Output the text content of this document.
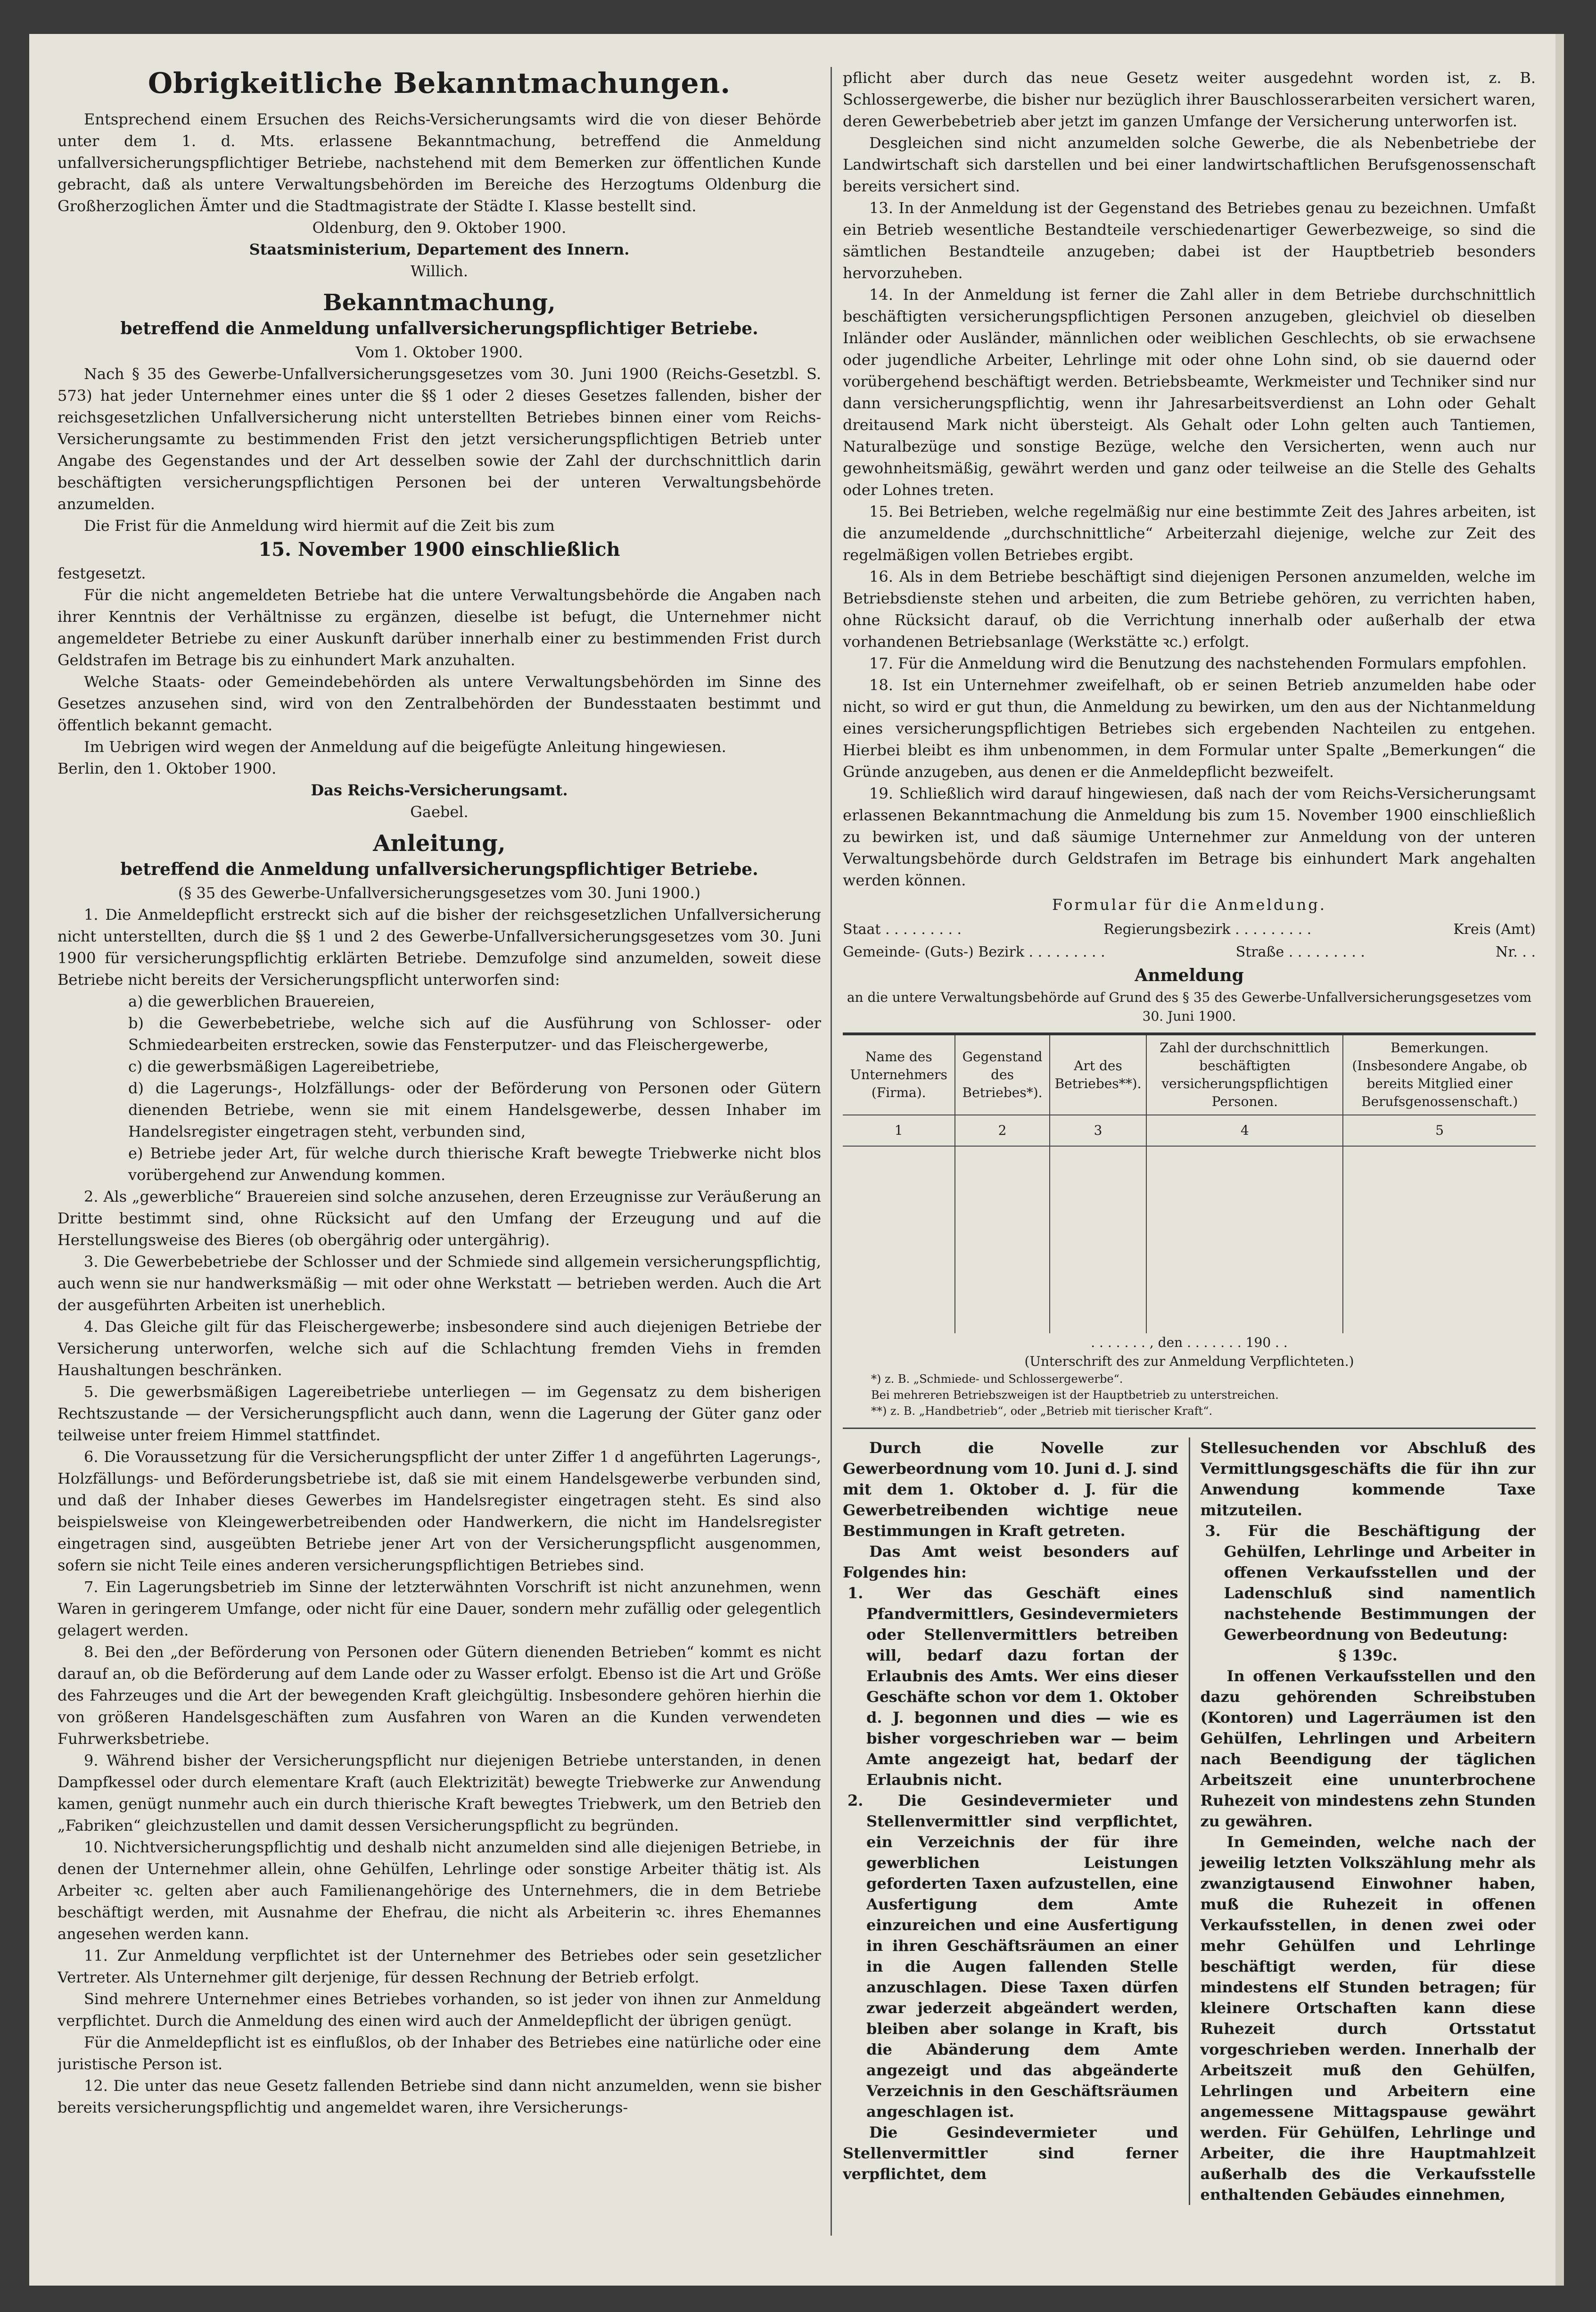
Obrigkeitliche Bekanntmachungen.

Entsprechend einem Ersuchen des Reichs-Versicherungsamts wird die von dieser Behörde unter dem 1. d. Mts. erlassene Bekanntmachung, betreffend die Anmeldung unfallversicherungspflichtiger Betriebe, nachstehend mit dem Bemerken zur öffentlichen Kunde gebracht, daß als untere Verwaltungsbehörden im Bereiche des Herzogtums Oldenburg die Großherzoglichen Ämter und die Stadtmagistrate der Städte I. Klasse bestellt sind.

Oldenburg, den 9. Oktober 1900.

Staatsministerium, Departement des Innern.

Willich.

Bekanntmachung,
betreffend die Anmeldung unfallversicherungspflichtiger Betriebe.

Vom 1. Oktober 1900.

Nach § 35 des Gewerbe-Unfallversicherungsgesetzes vom 30. Juni 1900 (Reichs-Gesetzbl. S. 573) hat jeder Unternehmer eines unter die §§ 1 oder 2 dieses Gesetzes fallenden, bisher der reichsgesetzlichen Unfallversicherung nicht unterstellten Betriebes binnen einer vom Reichs-Versicherungsamte zu bestimmenden Frist den jetzt versicherungspflichtigen Betrieb unter Angabe des Gegenstandes und der Art desselben sowie der Zahl der durchschnittlich darin beschäftigten versicherungspflichtigen Personen bei der unteren Verwaltungsbehörde anzumelden.

Die Frist für die Anmeldung wird hiermit auf die Zeit bis zum

15. November 1900 einschließlich

festgesetzt.

Für die nicht angemeldeten Betriebe hat die untere Verwaltungsbehörde die Angaben nach ihrer Kenntnis der Verhältnisse zu ergänzen, dieselbe ist befugt, die Unternehmer nicht angemeldeter Betriebe zu einer Auskunft darüber innerhalb einer zu bestimmenden Frist durch Geldstrafen im Betrage bis zu einhundert Mark anzuhalten.

Welche Staats- oder Gemeindebehörden als untere Verwaltungsbehörden im Sinne des Gesetzes anzusehen sind, wird von den Zentralbehörden der Bundesstaaten bestimmt und öffentlich bekannt gemacht.

Im Uebrigen wird wegen der Anmeldung auf die beigefügte Anleitung hingewiesen.

Berlin, den 1. Oktober 1900.

Das Reichs-Versicherungsamt.

Gaebel.

Anleitung,
betreffend die Anmeldung unfallversicherungspflichtiger Betriebe.

(§ 35 des Gewerbe-Unfallversicherungsgesetzes vom 30. Juni 1900.)

1. Die Anmeldepflicht erstreckt sich auf die bisher der reichsgesetzlichen Unfallversicherung nicht unterstellten, durch die §§ 1 und 2 des Gewerbe-Unfallversicherungsgesetzes vom 30. Juni 1900 für versicherungspflichtig erklärten Betriebe. Demzufolge sind anzumelden, soweit diese Betriebe nicht bereits der Versicherungspflicht unterworfen sind:

a) die gewerblichen Brauereien,
b) die Gewerbebetriebe, welche sich auf die Ausführung von Schlosser- oder Schmiedearbeiten erstrecken, sowie das Fensterputzer- und das Fleischergewerbe,
c) die gewerbsmäßigen Lagereibetriebe,
d) die Lagerungs-, Holzfällungs- oder der Beförderung von Personen oder Gütern dienenden Betriebe, wenn sie mit einem Handelsgewerbe, dessen Inhaber im Handelsregister eingetragen steht, verbunden sind,
e) Betriebe jeder Art, für welche durch thierische Kraft bewegte Triebwerke nicht blos vorübergehend zur Anwendung kommen.

2. Als „gewerbliche“ Brauereien sind solche anzusehen, deren Erzeugnisse zur Veräußerung an Dritte bestimmt sind, ohne Rücksicht auf den Umfang der Erzeugung und auf die Herstellungsweise des Bieres (ob obergährig oder untergährig).

3. Die Gewerbebetriebe der Schlosser und der Schmiede sind allgemein versicherungspflichtig, auch wenn sie nur handwerksmäßig — mit oder ohne Werkstatt — betrieben werden. Auch die Art der ausgeführten Arbeiten ist unerheblich.

4. Das Gleiche gilt für das Fleischergewerbe; insbesondere sind auch diejenigen Betriebe der Versicherung unterworfen, welche sich auf die Schlachtung fremden Viehs in fremden Haushaltungen beschränken.

5. Die gewerbsmäßigen Lagereibetriebe unterliegen — im Gegensatz zu dem bisherigen Rechtszustande — der Versicherungspflicht auch dann, wenn die Lagerung der Güter ganz oder teilweise unter freiem Himmel stattfindet.

6. Die Voraussetzung für die Versicherungspflicht der unter Ziffer 1 d angeführten Lagerungs-, Holzfällungs- und Beförderungsbetriebe ist, daß sie mit einem Handelsgewerbe verbunden sind, und daß der Inhaber dieses Gewerbes im Handelsregister eingetragen steht. Es sind also beispielsweise von Kleingewerbetreibenden oder Handwerkern, die nicht im Handelsregister eingetragen sind, ausgeübten Betriebe jener Art von der Versicherungspflicht ausgenommen, sofern sie nicht Teile eines anderen versicherungspflichtigen Betriebes sind.

7. Ein Lagerungsbetrieb im Sinne der letzterwähnten Vorschrift ist nicht anzunehmen, wenn Waren in geringerem Umfange, oder nicht für eine Dauer, sondern mehr zufällig oder gelegentlich gelagert werden.

8. Bei den „der Beförderung von Personen oder Gütern dienenden Betrieben“ kommt es nicht darauf an, ob die Beförderung auf dem Lande oder zu Wasser erfolgt. Ebenso ist die Art und Größe des Fahrzeuges und die Art der bewegenden Kraft gleichgültig. Insbesondere gehören hierhin die von größeren Handelsgeschäften zum Ausfahren von Waren an die Kunden verwendeten Fuhrwerksbetriebe.

9. Während bisher der Versicherungspflicht nur diejenigen Betriebe unterstanden, in denen Dampfkessel oder durch elementare Kraft (auch Elektrizität) bewegte Triebwerke zur Anwendung kamen, genügt nunmehr auch ein durch thierische Kraft bewegtes Triebwerk, um den Betrieb den „Fabriken“ gleichzustellen und damit dessen Versicherungspflicht zu begründen.

10. Nichtversicherungspflichtig und deshalb nicht anzumelden sind alle diejenigen Betriebe, in denen der Unternehmer allein, ohne Gehülfen, Lehrlinge oder sonstige Arbeiter thätig ist. Als Arbeiter ꝛc. gelten aber auch Familienangehörige des Unternehmers, die in dem Betriebe beschäftigt werden, mit Ausnahme der Ehefrau, die nicht als Arbeiterin ꝛc. ihres Ehemannes angesehen werden kann.

11. Zur Anmeldung verpflichtet ist der Unternehmer des Betriebes oder sein gesetzlicher Vertreter. Als Unternehmer gilt derjenige, für dessen Rechnung der Betrieb erfolgt.

Sind mehrere Unternehmer eines Betriebes vorhanden, so ist jeder von ihnen zur Anmeldung verpflichtet. Durch die Anmeldung des einen wird auch der Anmeldepflicht der übrigen genügt.

Für die Anmeldepflicht ist es einflußlos, ob der Inhaber des Betriebes eine natürliche oder eine juristische Person ist.

12. Die unter das neue Gesetz fallenden Betriebe sind dann nicht anzumelden, wenn sie bisher bereits versicherungspflichtig und angemeldet waren, ihre Versicherungs-

pflicht aber durch das neue Gesetz weiter ausgedehnt worden ist, z. B. Schlossergewerbe, die bisher nur bezüglich ihrer Bauschlosserarbeiten versichert waren, deren Gewerbebetrieb aber jetzt im ganzen Umfange der Versicherung unterworfen ist.

Desgleichen sind nicht anzumelden solche Gewerbe, die als Nebenbetriebe der Landwirtschaft sich darstellen und bei einer landwirtschaftlichen Berufsgenossenschaft bereits versichert sind.

13. In der Anmeldung ist der Gegenstand des Betriebes genau zu bezeichnen. Umfaßt ein Betrieb wesentliche Bestandteile verschiedenartiger Gewerbezweige, so sind die sämtlichen Bestandteile anzugeben; dabei ist der Hauptbetrieb besonders hervorzuheben.

14. In der Anmeldung ist ferner die Zahl aller in dem Betriebe durchschnittlich beschäftigten versicherungspflichtigen Personen anzugeben, gleichviel ob dieselben Inländer oder Ausländer, männlichen oder weiblichen Geschlechts, ob sie erwachsene oder jugendliche Arbeiter, Lehrlinge mit oder ohne Lohn sind, ob sie dauernd oder vorübergehend beschäftigt werden. Betriebsbeamte, Werkmeister und Techniker sind nur dann versicherungspflichtig, wenn ihr Jahresarbeitsverdienst an Lohn oder Gehalt dreitausend Mark nicht übersteigt. Als Gehalt oder Lohn gelten auch Tantiemen, Naturalbezüge und sonstige Bezüge, welche den Versicherten, wenn auch nur gewohnheitsmäßig, gewährt werden und ganz oder teilweise an die Stelle des Gehalts oder Lohnes treten.

15. Bei Betrieben, welche regelmäßig nur eine bestimmte Zeit des Jahres arbeiten, ist die anzumeldende „durchschnittliche“ Arbeiterzahl diejenige, welche zur Zeit des regelmäßigen vollen Betriebes ergibt.

16. Als in dem Betriebe beschäftigt sind diejenigen Personen anzumelden, welche im Betriebsdienste stehen und arbeiten, die zum Betriebe gehören, zu verrichten haben, ohne Rücksicht darauf, ob die Verrichtung innerhalb oder außerhalb der etwa vorhandenen Betriebsanlage (Werkstätte ꝛc.) erfolgt.

17. Für die Anmeldung wird die Benutzung des nachstehenden Formulars empfohlen.

18. Ist ein Unternehmer zweifelhaft, ob er seinen Betrieb anzumelden habe oder nicht, so wird er gut thun, die Anmeldung zu bewirken, um den aus der Nichtanmeldung eines versicherungspflichtigen Betriebes sich ergebenden Nachteilen zu entgehen. Hierbei bleibt es ihm unbenommen, in dem Formular unter Spalte „Bemerkungen“ die Gründe anzugeben, aus denen er die Anmeldepflicht bezweifelt.

19. Schließlich wird darauf hingewiesen, daß nach der vom Reichs-Versicherungsamt erlassenen Bekanntmachung die Anmeldung bis zum 15. November 1900 einschließlich zu bewirken ist, und daß säumige Unternehmer zur Anmeldung von der unteren Verwaltungsbehörde durch Geldstrafen im Betrage bis einhundert Mark angehalten werden können.

Formular für die Anmeldung.
Staat . . . . . . . . .	Regierungsbezirk . . . . . . . . .	Kreis (Amt)
Gemeinde- (Guts-) Bezirk . . . . . . . . .	Straße . . . . . . . . .	Nr. . .
Anmeldung

an die untere Verwaltungsbehörde auf Grund des § 35 des Gewerbe-Unfallversicherungsgesetzes vom 30. Juni 1900.

Name des Unternehmers (Firma).	Gegenstand des Betriebes*).	Art des Betriebes**).	Zahl der durchschnittlich beschäftigten versicherungspflichtigen Personen.	Bemerkungen. (Insbesondere Angabe, ob bereits Mitglied einer Berufsgenossenschaft.)
1	2	3	4	5

. . . . . . . , den . . . . . . . 190 . .

(Unterschrift des zur Anmeldung Verpflichteten.)

*) z. B. „Schmiede- und Schlossergewerbe“.
Bei mehreren Betriebszweigen ist der Hauptbetrieb zu unterstreichen.
**) z. B. „Handbetrieb“, oder „Betrieb mit tierischer Kraft“.

Durch die Novelle zur Gewerbeordnung vom 10. Juni d. J. sind mit dem 1. Oktober d. J. für die Gewerbetreibenden wichtige neue Bestimmungen in Kraft getreten.

Das Amt weist besonders auf Folgendes hin:

1. Wer das Geschäft eines Pfandvermittlers, Gesindevermieters oder Stellenvermittlers betreiben will, bedarf dazu fortan der Erlaubnis des Amts. Wer eins dieser Geschäfte schon vor dem 1. Oktober d. J. begonnen und dies — wie es bisher vorgeschrieben war — beim Amte angezeigt hat, bedarf der Erlaubnis nicht.

2. Die Gesindevermieter und Stellenvermittler sind verpflichtet, ein Verzeichnis der für ihre gewerblichen Leistungen geforderten Taxen aufzustellen, eine Ausfertigung dem Amte einzureichen und eine Ausfertigung in ihren Geschäftsräumen an einer in die Augen fallenden Stelle anzuschlagen. Diese Taxen dürfen zwar jederzeit abgeändert werden, bleiben aber solange in Kraft, bis die Abänderung dem Amte angezeigt und das abgeänderte Verzeichnis in den Geschäftsräumen angeschlagen ist.

Die Gesindevermieter und Stellenvermittler sind ferner verpflichtet, dem

Stellesuchenden vor Abschluß des Vermittlungsgeschäfts die für ihn zur Anwendung kommende Taxe mitzuteilen.

3. Für die Beschäftigung der Gehülfen, Lehrlinge und Arbeiter in offenen Verkaufsstellen und der Ladenschluß sind namentlich nachstehende Bestimmungen der Gewerbeordnung von Bedeutung:

§ 139c.

In offenen Verkaufsstellen und den dazu gehörenden Schreibstuben (Kontoren) und Lagerräumen ist den Gehülfen, Lehrlingen und Arbeitern nach Beendigung der täglichen Arbeitszeit eine ununterbrochene Ruhezeit von mindestens zehn Stunden zu gewähren.

In Gemeinden, welche nach der jeweilig letzten Volkszählung mehr als zwanzigtausend Einwohner haben, muß die Ruhezeit in offenen Verkaufsstellen, in denen zwei oder mehr Gehülfen und Lehrlinge beschäftigt werden, für diese mindestens elf Stunden betragen; für kleinere Ortschaften kann diese Ruhezeit durch Ortsstatut vorgeschrieben werden. Innerhalb der Arbeitszeit muß den Gehülfen, Lehrlingen und Arbeitern eine angemessene Mittagspause gewährt werden. Für Gehülfen, Lehrlinge und Arbeiter, die ihre Hauptmahlzeit außerhalb des die Verkaufsstelle enthaltenden Gebäudes einnehmen,
